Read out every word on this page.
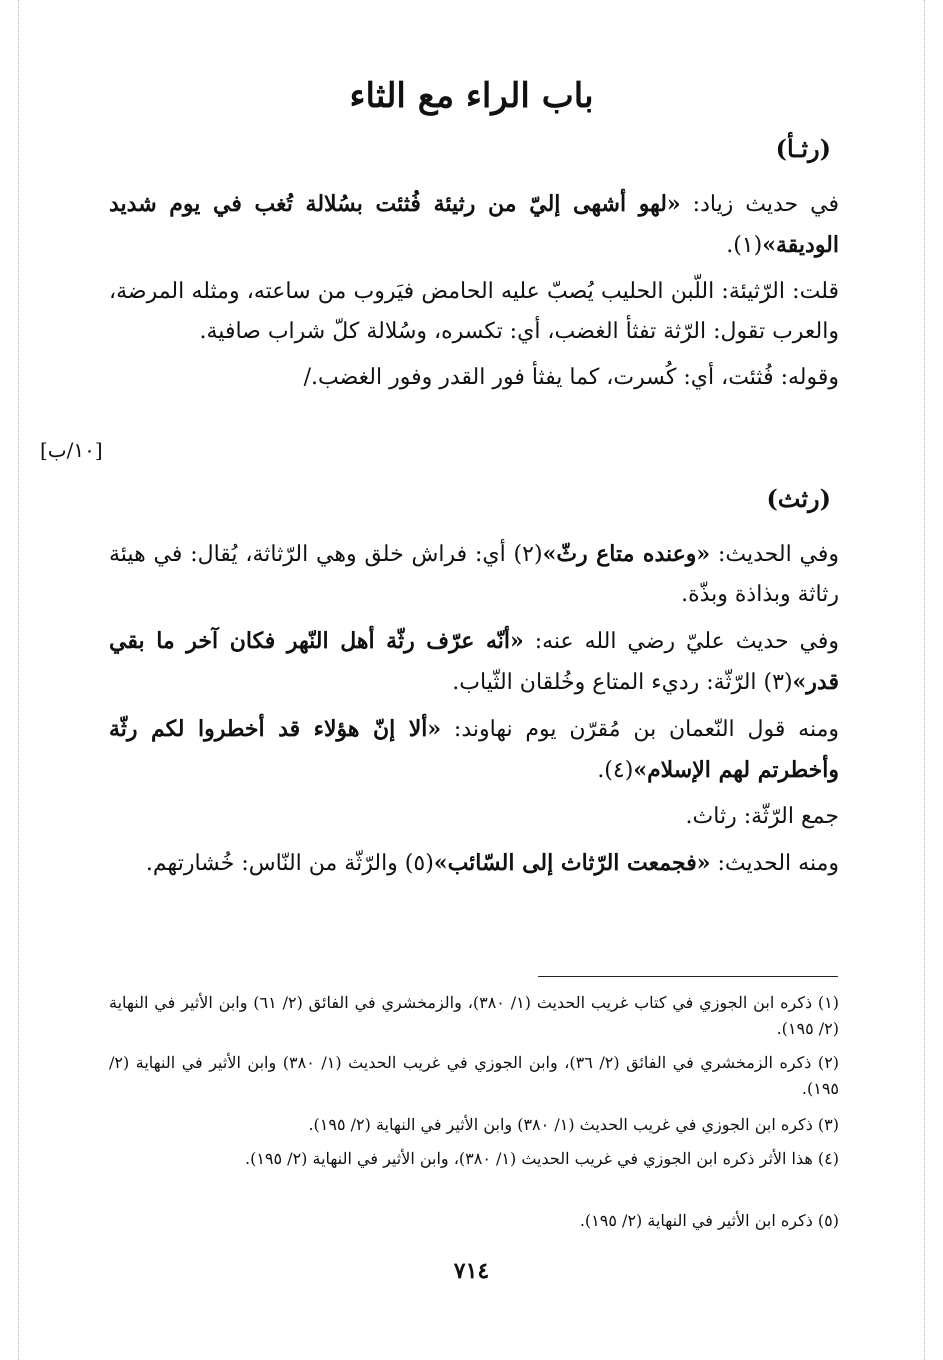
باب الراء مع الثاء
(رثـأ)
في حديث زياد: «لهو أشهى إليّ من رثيئة فُثئت بسُلالة تُغب في يوم شديد الوديقة»(١).
قلت: الرّثيئة: اللّبن الحليب يُصبّ عليه الحامض فيَروب من ساعته، ومثله المرضة، والعرب تقول: الرّثة تفثأ الغضب، أي: تكسره، وسُلالة كلّ شراب صافية.
وقوله: فُثئت، أي: كُسرت، كما يفثأ فور القدر وفور الغضب./
[١٠/ب]
(رثث)
وفي الحديث: «وعنده متاع رثّ»(٢) أي: فراش خلق وهي الرّثاثة، يُقال: في هيئة رثاثة وبذاذة وبذّة.
وفي حديث عليّ رضي الله عنه: «أنّه عرّف رثّة أهل النّهر فكان آخر ما بقي قدر»(٣) الرّثّة: رديء المتاع وخُلقان الثّياب.
ومنه قول النّعمان بن مُقرّن يوم نهاوند: «ألا إنّ هؤلاء قد أخطروا لكم رثّة وأخطرتم لهم الإسلام»(٤).
جمع الرّثّة: رثاث.
ومنه الحديث: «فجمعت الرّثاث إلى السّائب»(٥) والرّثّة من النّاس: خُشارتهم.
(١) ذكره ابن الجوزي في كتاب غريب الحديث (١/ ٣٨٠)، والزمخشري في الفائق (٢/ ٦١) وابن الأثير في النهاية (٢/ ١٩٥).
(٢) ذكره الزمخشري في الفائق (٢/ ٣٦)، وابن الجوزي في غريب الحديث (١/ ٣٨٠) وابن الأثير في النهاية (٢/ ١٩٥).
(٣) ذكره ابن الجوزي في غريب الحديث (١/ ٣٨٠) وابن الأثير في النهاية (٢/ ١٩٥).
(٤) هذا الأثر ذكره ابن الجوزي في غريب الحديث (١/ ٣٨٠)، وابن الأثير في النهاية (٢/ ١٩٥).
(٥) ذكره ابن الأثير في النهاية (٢/ ١٩٥).
٧١٤
